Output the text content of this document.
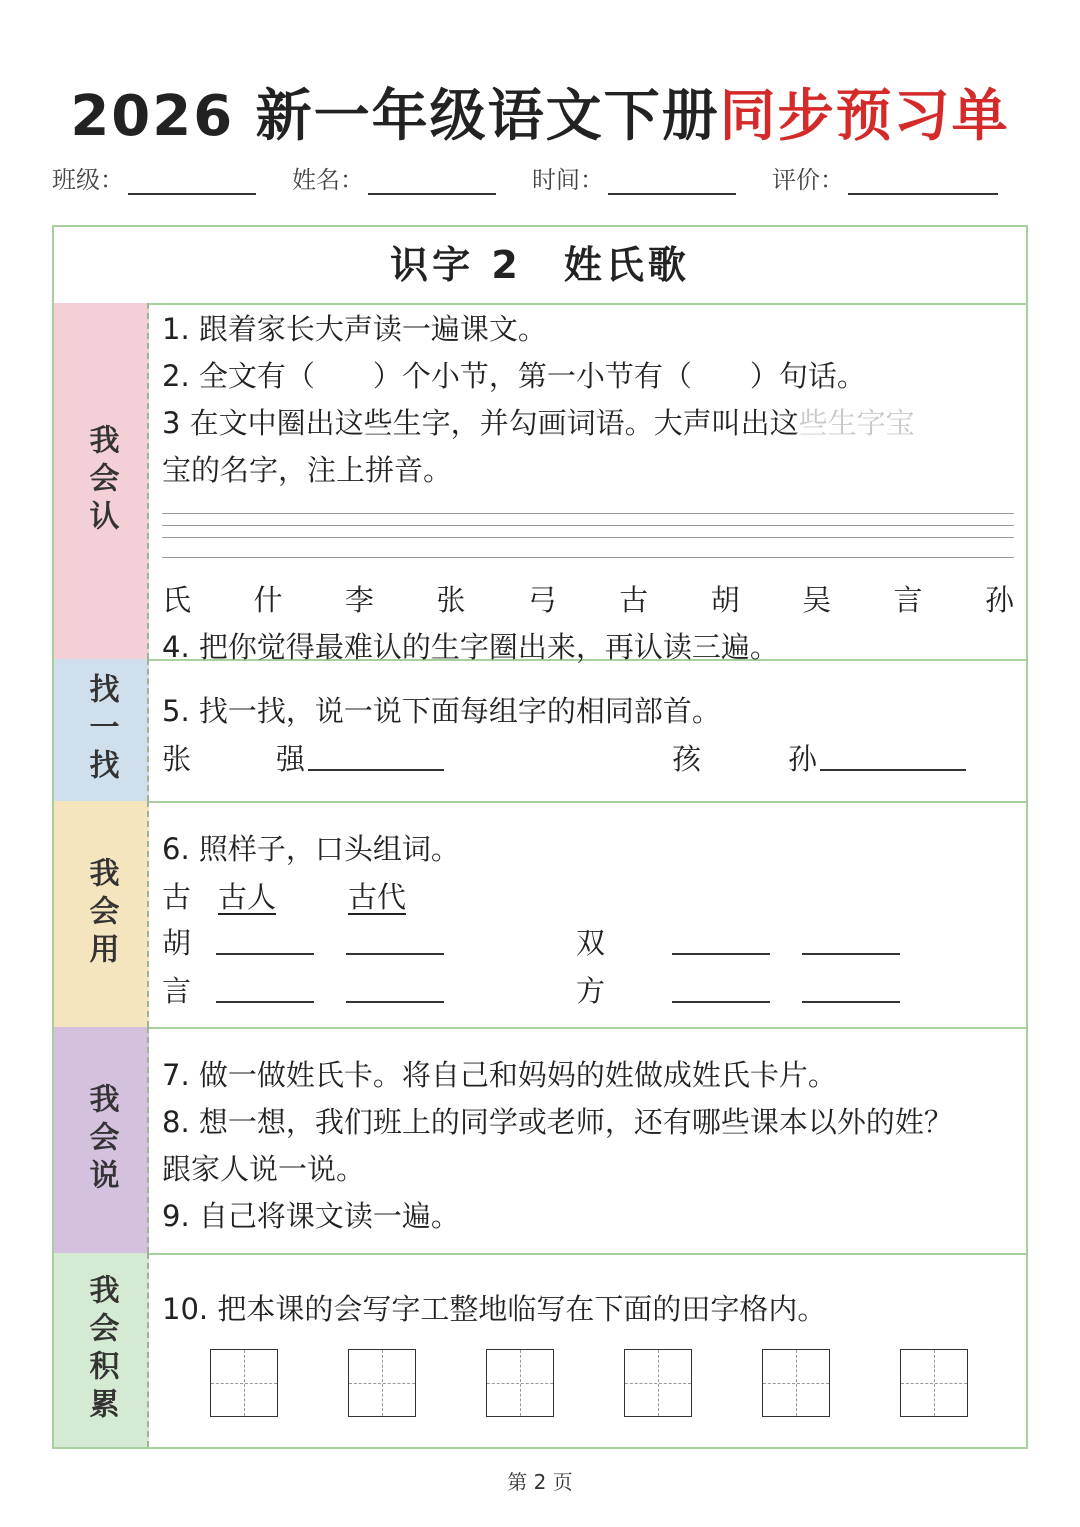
2026 新一年级语文下册同步预习单
班级：	姓名：	时间：	评价：
识字 2　姓氏歌
我会认
1. 跟着家长大声读一遍课文。
2. 全文有（　　）个小节，第一小节有（　　）句话。
3 在文中圈出这些生字，并勾画词语。大声叫出这些生字宝
宝的名字，注上拼音。
氏 什 李 张 弓 古 胡 吴 言 孙
4. 把你觉得最难认的生字圈出来，再认读三遍。
找一找 5. 找一找，说一说下面每组字的相同部首。
张	强	孩	孙
我会用
6. 照样子，口头组词。
古 古人 古代
胡	双
言	方
我会说
7. 做一做姓氏卡。将自己和妈妈的姓做成姓氏卡片。
8. 想一想，我们班上的同学或老师，还有哪些课本以外的姓？
跟家人说一说。
9. 自己将课文读一遍。
我会积累 10. 把本课的会写字工整地临写在下面的田字格内。
第 2 页
